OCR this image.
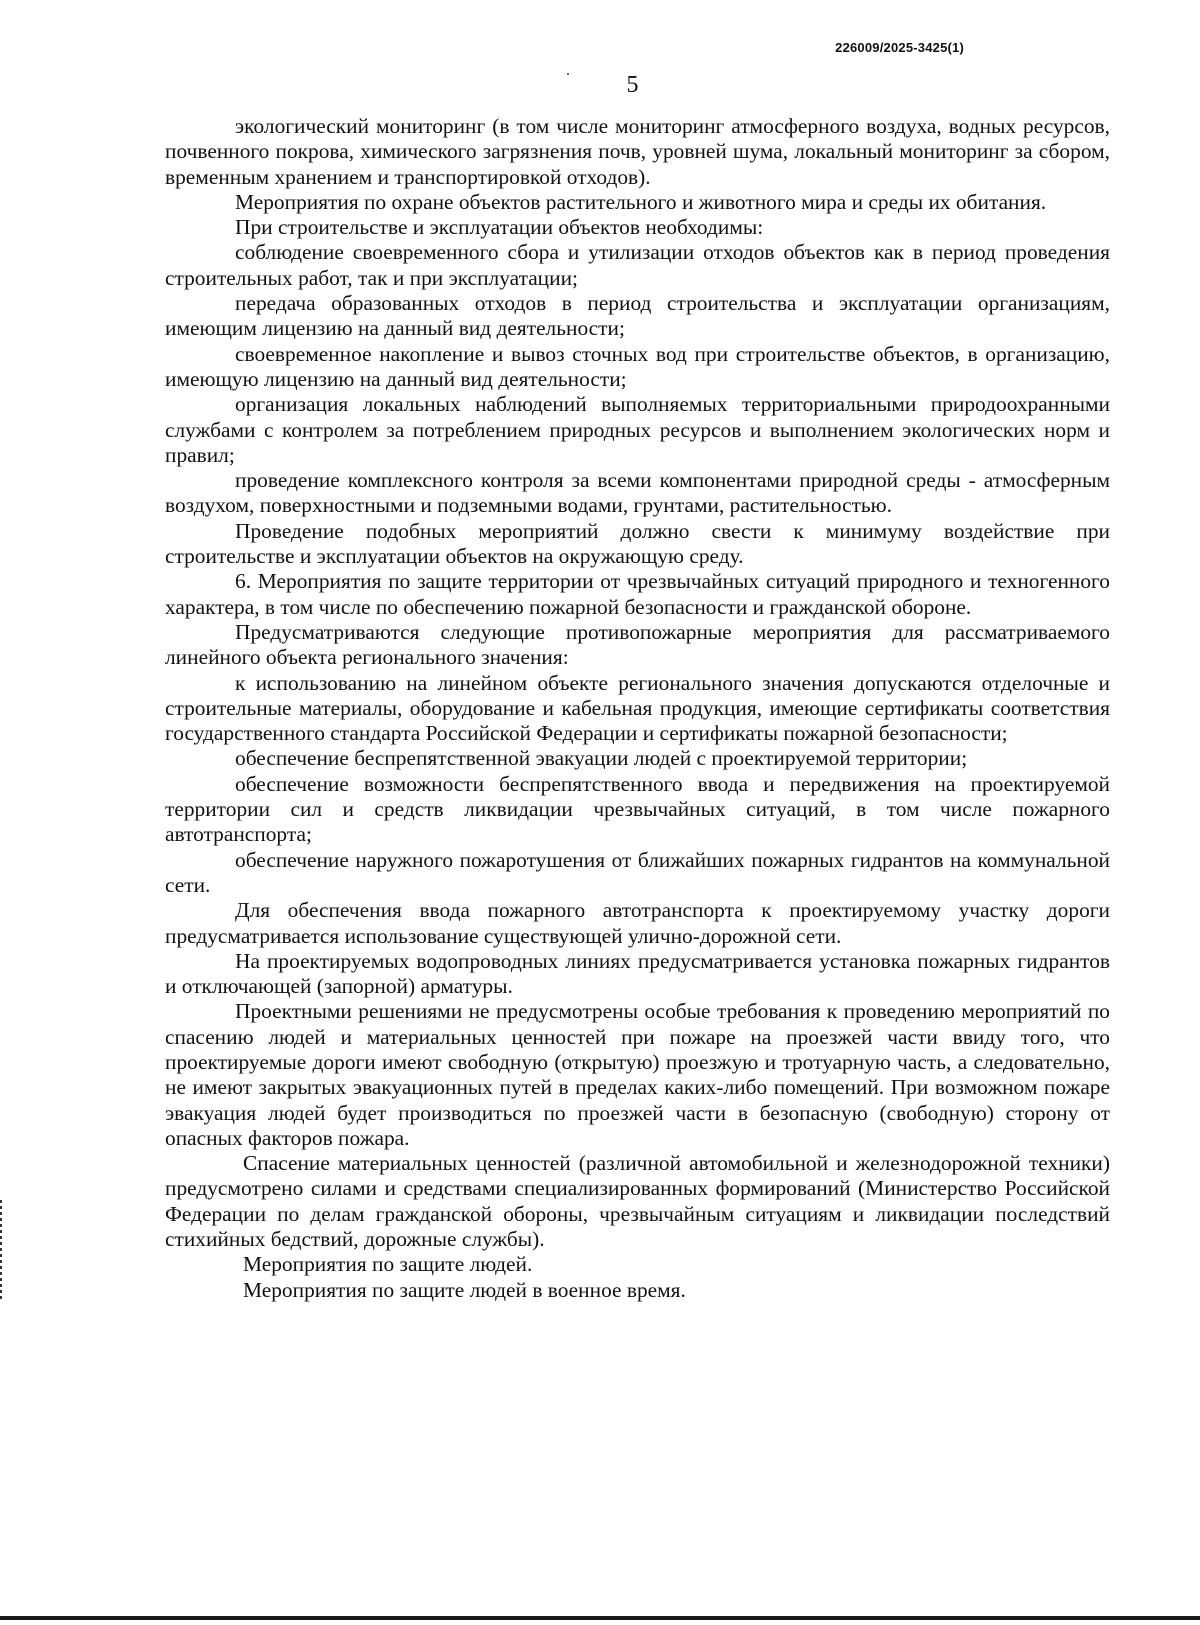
226009/2025-3425(1)
5

экологический мониторинг (в том числе мониторинг атмосферного воздуха, водных ресурсов, почвенного покрова, химического загрязнения почв, уровней шума, локальный мониторинг за сбором, временным хранением и транспортировкой отходов).

Мероприятия по охране объектов растительного и животного мира и среды их обитания.

При строительстве и эксплуатации объектов необходимы:

соблюдение своевременного сбора и утилизации отходов объектов как в период проведения строительных работ, так и при эксплуатации;

передача образованных отходов в период строительства и эксплуатации организациям, имеющим лицензию на данный вид деятельности;

своевременное накопление и вывоз сточных вод при строительстве объектов, в организацию, имеющую лицензию на данный вид деятельности;

организация локальных наблюдений выполняемых территориальными природоохранными службами с контролем за потреблением природных ресурсов и выполнением экологических норм и правил;

проведение комплексного контроля за всеми компонентами природной среды - атмосферным воздухом, поверхностными и подземными водами, грунтами, растительностью.

Проведение подобных мероприятий должно свести к минимуму воздействие при строительстве и эксплуатации объектов на окружающую среду.

6. Мероприятия по защите территории от чрезвычайных ситуаций природного и техногенного характера, в том числе по обеспечению пожарной безопасности и гражданской обороне.

Предусматриваются следующие противопожарные мероприятия для рассматриваемого линейного объекта регионального значения:

к использованию на линейном объекте регионального значения допускаются отделочные и строительные материалы, оборудование и кабельная продукция, имеющие сертификаты соответствия государственного стандарта Российской Федерации и сертификаты пожарной безопасности;

обеспечение беспрепятственной эвакуации людей с проектируемой территории;

обеспечение возможности беспрепятственного ввода и передвижения на проектируемой территории сил и средств ликвидации чрезвычайных ситуаций, в том числе пожарного автотранспорта;

обеспечение наружного пожаротушения от ближайших пожарных гидрантов на коммунальной сети.

Для обеспечения ввода пожарного автотранспорта к проектируемому участку дороги предусматривается использование существующей улично-дорожной сети.

На проектируемых водопроводных линиях предусматривается установка пожарных гидрантов и отключающей (запорной) арматуры.

Проектными решениями не предусмотрены особые требования к проведению мероприятий по спасению людей и материальных ценностей при пожаре на проезжей части ввиду того, что проектируемые дороги имеют свободную (открытую) проезжую и тротуарную часть, а следовательно, не имеют закрытых эвакуационных путей в пределах каких-либо помещений. При возможном пожаре эвакуация людей будет производиться по проезжей части в безопасную (свободную) сторону от опасных факторов пожара.

Спасение материальных ценностей (различной автомобильной и железнодорожной техники) предусмотрено силами и средствами специализированных формирований (Министерство Российской Федерации по делам гражданской обороны, чрезвычайным ситуациям и ликвидации последствий стихийных бедствий, дорожные службы).

Мероприятия по защите людей.

Мероприятия по защите людей в военное время.
